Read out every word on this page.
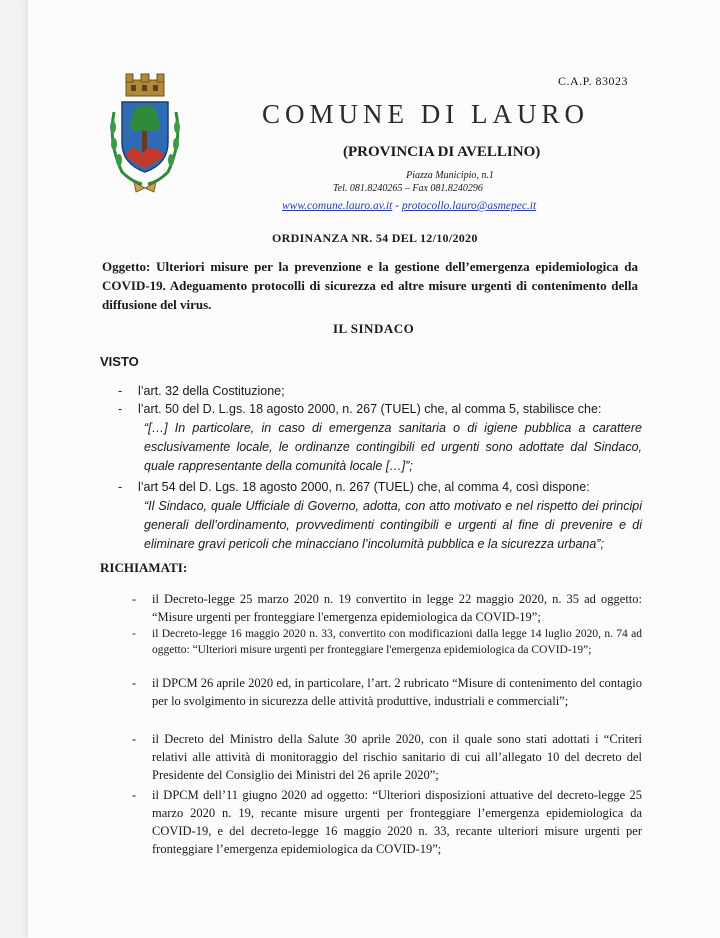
C.A.P. 83023
COMUNE DI LAURO
(PROVINCIA DI AVELLINO)
Piazza Municipio, n.1
Tel. 081.8240265 – Fax 081.8240296
www.comune.lauro.av.it - protocollo.lauro@asmepec.it
ORDINANZA NR. 54 DEL 12/10/2020
Oggetto: Ulteriori misure per la prevenzione e la gestione dell’emergenza epidemiologica da COVID-19. Adeguamento protocolli di sicurezza ed altre misure urgenti di contenimento della diffusione del virus.
IL SINDACO
VISTO
- l’art. 32 della Costituzione;
- l’art. 50 del D. L.gs. 18 agosto 2000, n. 267 (TUEL) che, al comma 5, stabilisce che:
“[…] In particolare, in caso di emergenza sanitaria o di igiene pubblica a carattere esclusivamente locale, le ordinanze contingibili ed urgenti sono adottate dal Sindaco, quale rappresentante della comunità locale […]”;
- l’art 54 del D. Lgs. 18 agosto 2000, n. 267 (TUEL) che, al comma 4, così dispone:
“Il Sindaco, quale Ufficiale di Governo, adotta, con atto motivato e nel rispetto dei principi generali dell’ordinamento, provvedimenti contingibili e urgenti al fine di prevenire e di eliminare gravi pericoli che minacciano l’incolumità pubblica e la sicurezza urbana”;
RICHIAMATI:
- il Decreto-legge 25 marzo 2020 n. 19 convertito in legge 22 maggio 2020, n. 35 ad oggetto: “Misure urgenti per fronteggiare l'emergenza epidemiologica da COVID-19”;
- il Decreto-legge 16 maggio 2020 n. 33, convertito con modificazioni dalla legge 14 luglio 2020, n. 74 ad oggetto: “Ulteriori misure urgenti per fronteggiare l'emergenza epidemiologica da COVID-19”;
- il DPCM 26 aprile 2020 ed, in particolare, l’art. 2 rubricato “Misure di contenimento del contagio per lo svolgimento in sicurezza delle attività produttive, industriali e commerciali”;
- il Decreto del Ministro della Salute 30 aprile 2020, con il quale sono stati adottati i “Criteri relativi alle attività di monitoraggio del rischio sanitario di cui all’allegato 10 del decreto del Presidente del Consiglio dei Ministri del 26 aprile 2020”;
- il DPCM dell’11 giugno 2020 ad oggetto: “Ulteriori disposizioni attuative del decreto-legge 25 marzo 2020 n. 19, recante misure urgenti per fronteggiare l’emergenza epidemiologica da COVID-19, e del decreto-legge 16 maggio 2020 n. 33, recante ulteriori misure urgenti per fronteggiare l’emergenza epidemiologica da COVID-19”;
